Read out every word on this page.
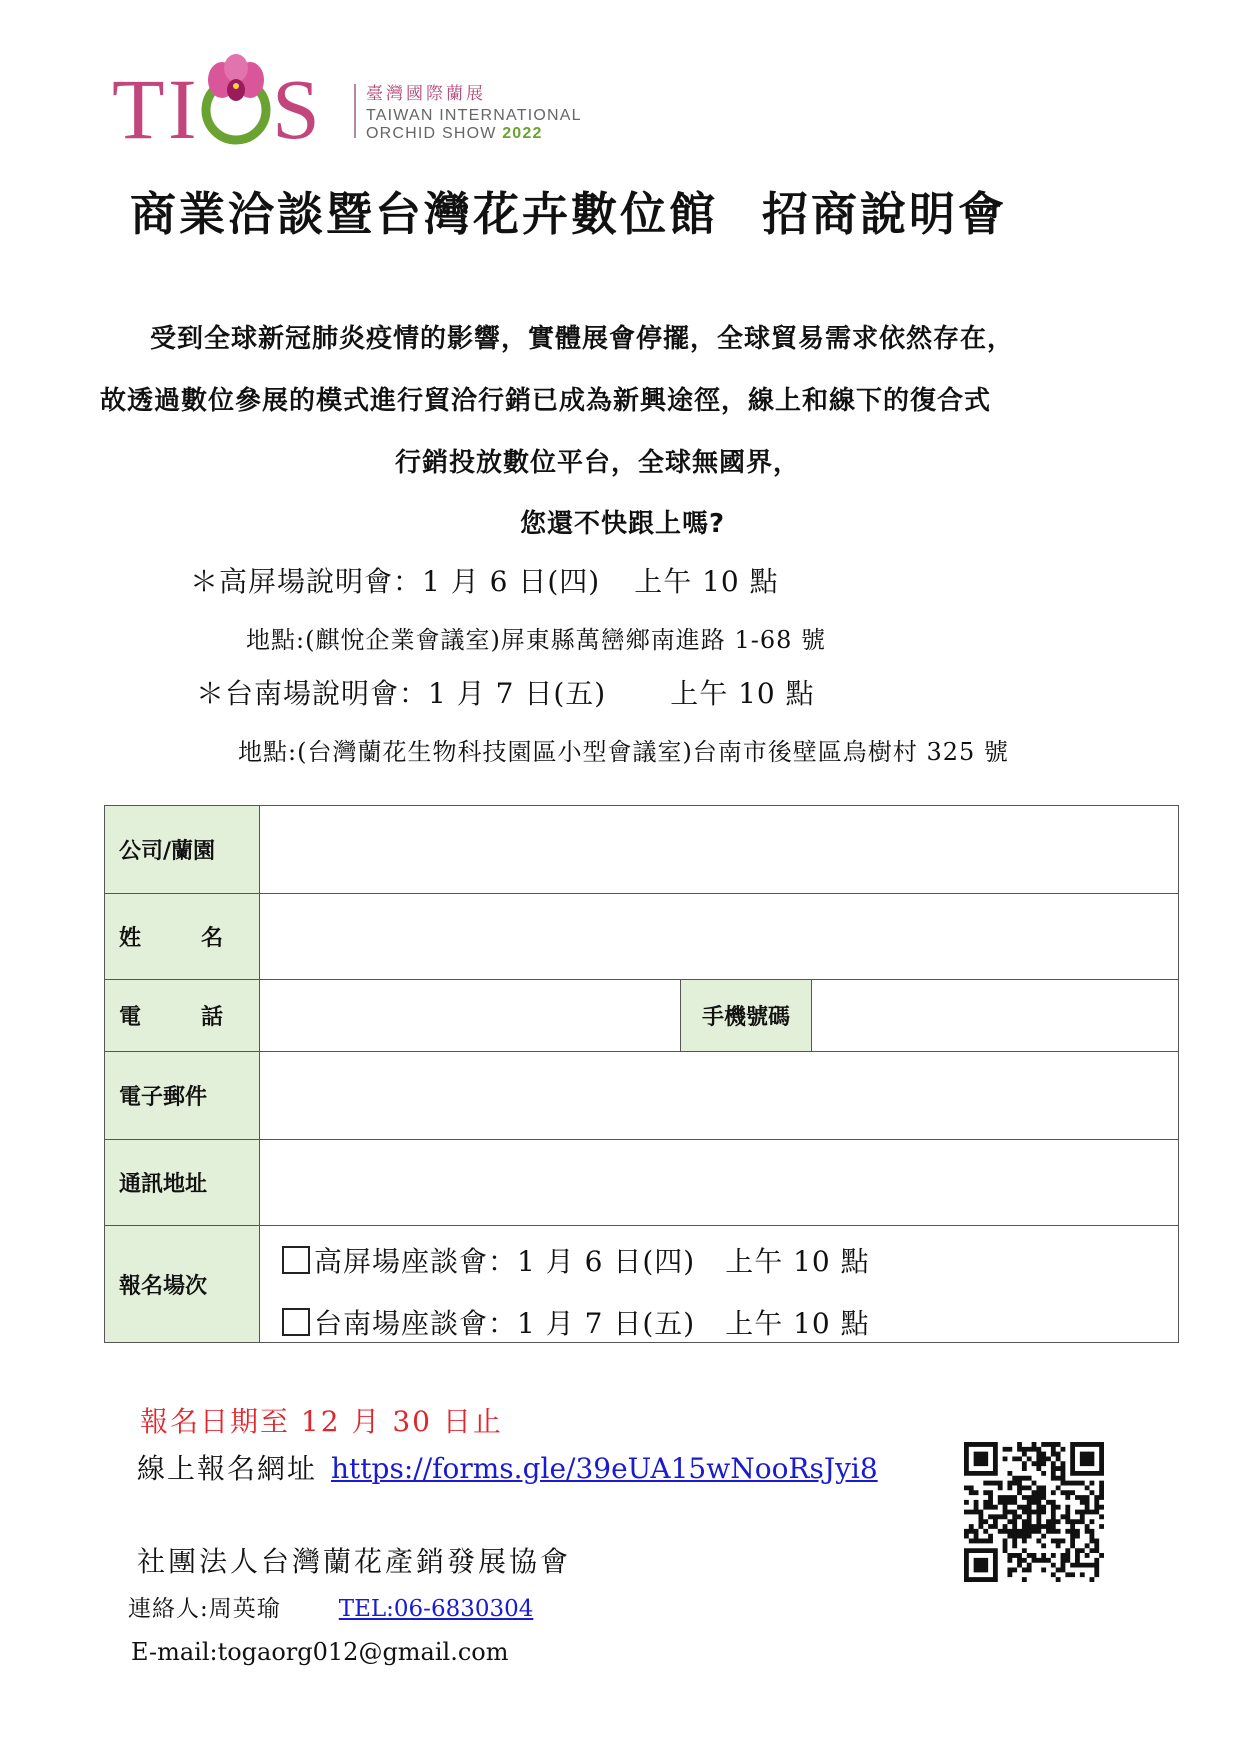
T I S	臺灣國際蘭展
TAIWAN INTERNATIONAL
ORCHID SHOW 2022
商業洽談暨台灣花卉數位館 招商說明會
受到全球新冠肺炎疫情的影響，實體展會停擺，全球貿易需求依然存在，
故透過數位參展的模式進行貿洽行銷已成為新興途徑，線上和線下的復合式
行銷投放數位平台，全球無國界，
您還不快跟上嗎?
＊高屏場說明會：1 月 6 日(四) 上午 10 點
地點:(麒悅企業會議室)屏東縣萬巒鄉南進路 1-68 號
＊台南場說明會：1 月 7 日(五) 上午 10 點
地點:(台灣蘭花生物科技園區小型會議室)台南市後壁區烏樹村 325 號
公司/蘭園			

姓 名			

電 話		手機號碼	
電子郵件			
通訊地址			
報名場次	高屏場座談會：1 月 6 日(四) 上午 10 點
台南場座談會：1 月 7 日(五) 上午 10 點		
報名日期至 12 月 30 日止
線上報名網址 https://forms.gle/39eUA15wNooRsJyi8
社團法人台灣蘭花產銷發展協會
連絡人:周英瑜	TEL:06-6830304
E-mail:togaorg012@gmail.com
